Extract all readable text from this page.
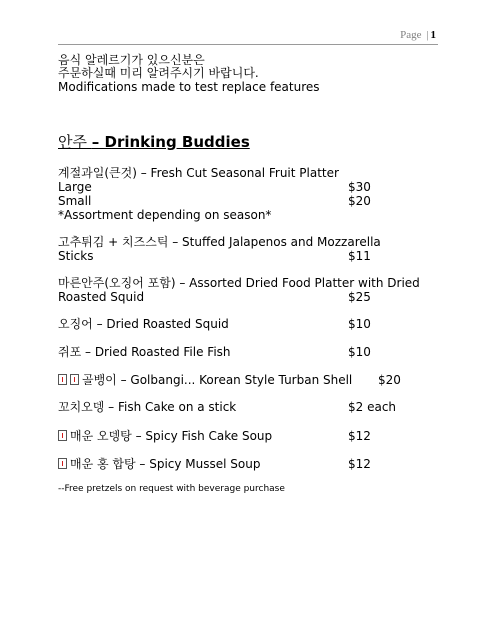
Page | 1
음식 알레르기가 있으신분은
주문하실때 미리 알려주시기 바랍니다.
Modifications made to test replace features
안주 – Drinking Buddies
계절과일(큰것) – Fresh Cut Seasonal Fruit Platter
Large	$30
Small	$20
*Assortment depending on season*
고추튀김 + 치즈스틱 – Stuffed Jalapenos and Mozzarella
Sticks	$11
마른안주(오징어 포함) – Assorted Dried Food Platter with Dried
Roasted Squid	$25
오징어 – Dried Roasted Squid	$10
쥐포 – Dried Roasted File Fish	$10
골뱅이 – Golbangi... Korean Style Turban Shell $20
꼬치오뎅 – Fish Cake on a stick	$2 each
매운 오뎅탕 – Spicy Fish Cake Soup	$12
매운 홍 합탕 – Spicy Mussel Soup	$12
--Free pretzels on request with beverage purchase
